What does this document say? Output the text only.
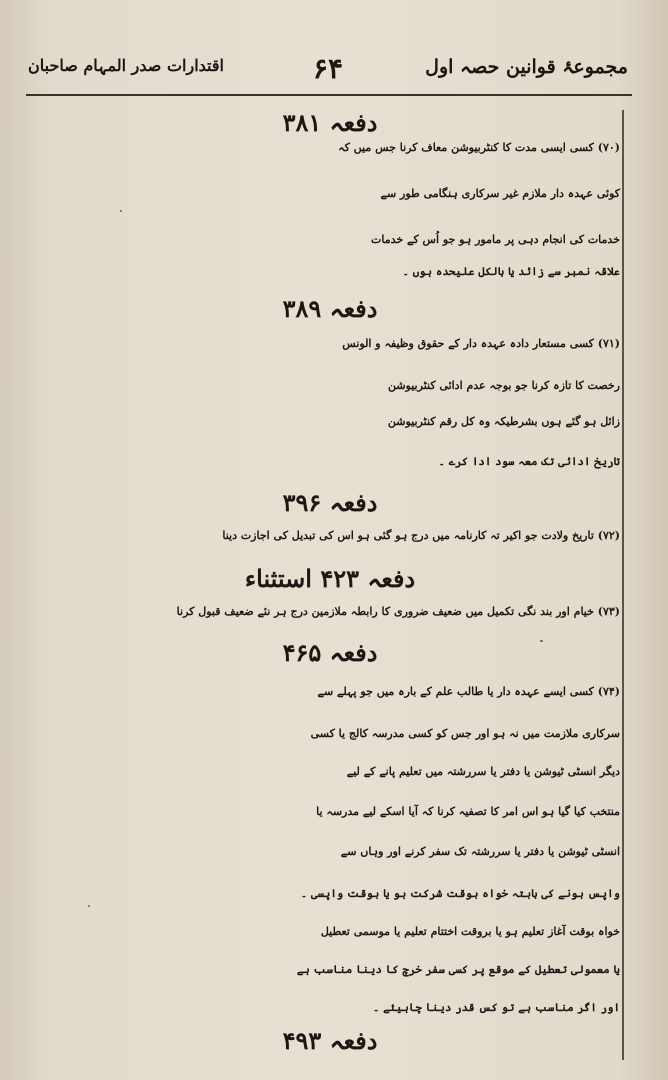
مجموعۂ قوانین حصہ اول
۶۴
اقتدارات صدر المہام صاحبان
دفعہ ۳۸۱
(۷۰) کسی ایسی مدت کا کنٹربیوشن معاف کرنا جس میں کہ
کوئی عہدہ دار ملازم غیر سرکاری ہنگامی طور سے
خدمات کی انجام دہی پر مامور ہو جو اُس کے خدمات
علاقہ نمبر سے زائد یا بالکل علیحدہ ہوں ۔
دفعہ ۳۸۹
(۷۱) کسی مستعار دادہ عہدہ دار کے حقوق وظیفہ و الونس
رخصت کا تازہ کرنا جو بوجہ عدم ادائی کنٹربیوشن
زائل ہو گئے ہوں بشرطیکہ وہ کل رقم کنٹربیوشن
تاریخ ادائی تک معہ سود ادا کرے ۔
دفعہ ۳۹۶
(۷۲) تاریخ ولادت جو اکیر تہ کارنامہ میں درج ہو گئی ہو اس کی تبدیل کی اجازت دینا
دفعہ ۴۲۳ استثناء
(۷۳) خیام اور بند نگی تکمیل میں ضعیف ضروری کا رابطہ ملازمین درج ہر نئے ضعیف قبول کرنا
دفعہ ۴۶۵
(۷۴) کسی ایسے عہدہ دار یا طالب علم کے بارہ میں جو پہلے سے
سرکاری ملازمت میں نہ ہو اور جس کو کسی مدرسہ کالج یا کسی
دیگر انسٹی ٹیوشن یا دفتر یا سررشتہ میں تعلیم پانے کے لیے
منتخب کیا گیا ہو اس امر کا تصفیہ کرنا کہ آیا اسکے لیے مدرسہ یا
انسٹی ٹیوشن یا دفتر یا سررشتہ تک سفر کرنے اور وہاں سے
واپس ہونے کی بابتہ خواہ بوقت شرکت ہو یا بوقت واپسی ۔
خواہ بوقت آغاز تعلیم ہو یا بروقت اختتام تعلیم یا موسمی تعطیل
یا معمولی تعطیل کے موقع پر کسی سفر خرچ کا دینا مناسب ہے
اور اگر مناسب ہے تو کس قدر دینا چاہیئے ۔
دفعہ ۴۹۳
